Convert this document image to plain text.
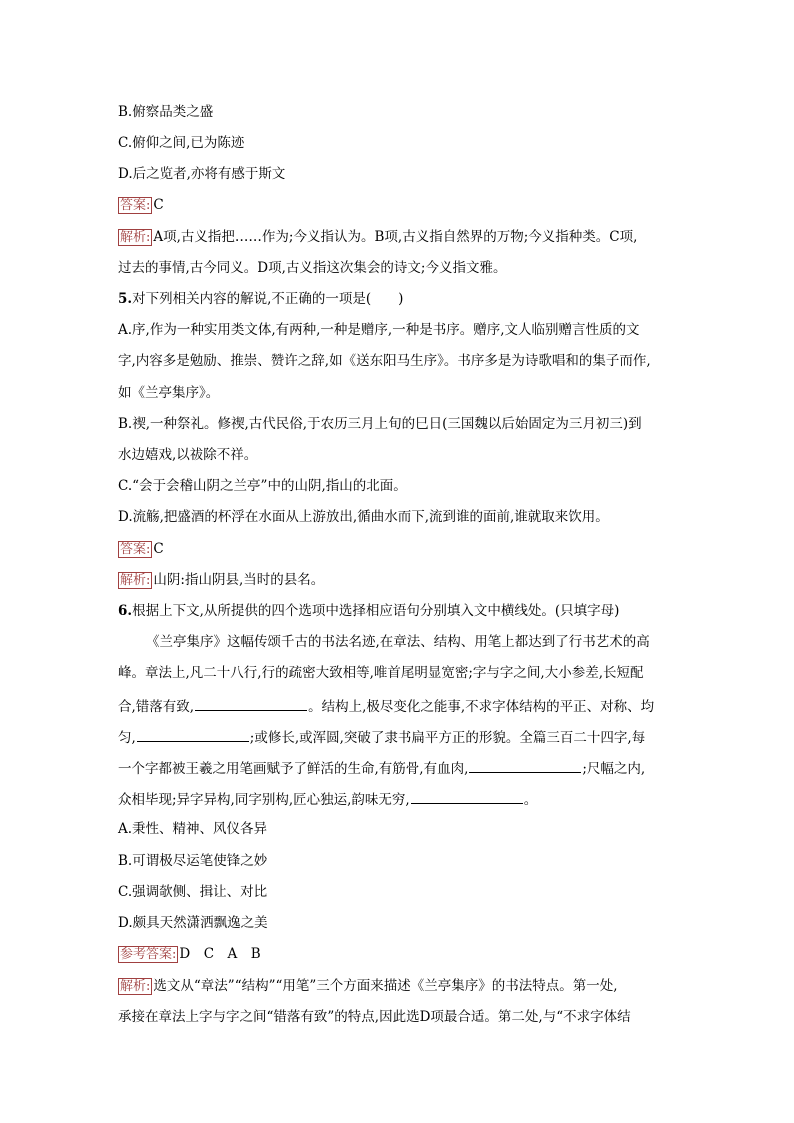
B.俯察品类之盛
C.俯仰之间,已为陈迹
D.后之览者,亦将有感于斯文
答案: C
解析: A项,古义指把……作为;今义指认为。B项,古义指自然界的万物;今义指种类。C项,
过去的事情,古今同义。D项,古义指这次集会的诗文;今义指文雅。
5.对下列相关内容的解说,不正确的一项是(　　)
A.序,作为一种实用类文体,有两种,一种是赠序,一种是书序。赠序,文人临别赠言性质的文
字,内容多是勉励、推崇、赞许之辞,如《送东阳马生序》。书序多是为诗歌唱和的集子而作,
如《兰亭集序》。
B.禊,一种祭礼。修禊,古代民俗,于农历三月上旬的巳日(三国魏以后始固定为三月初三)到
水边嬉戏,以祓除不祥。
C.“会于会稽山阴之兰亭”中的山阴,指山的北面。
D.流觞,把盛酒的杯浮在水面从上游放出,循曲水而下,流到谁的面前,谁就取来饮用。
答案: C
解析: 山阴:指山阴县,当时的县名。
6.根据上下文,从所提供的四个选项中选择相应语句分别填入文中横线处。(只填字母)
《兰亭集序》这幅传颂千古的书法名迹,在章法、结构、用笔上都达到了行书艺术的高
峰。章法上,凡二十八行,行的疏密大致相等,唯首尾明显宽密;字与字之间,大小参差,长短配
合,错落有致,	。结构上,极尽变化之能事,不求字体结构的平正、对称、均
匀,	;或修长,或浑圆,突破了隶书扁平方正的形貌。全篇三百二十四字,每
一个字都被王羲之用笔画赋予了鲜活的生命,有筋骨,有血肉,	;尺幅之内,
众相毕现;异字异构,同字别构,匠心独运,韵味无穷,	。
A.秉性、精神、风仪各异
B.可谓极尽运笔使锋之妙
C.强调欹侧、揖让、对比
D.颇具天然潇洒飘逸之美
参考答案: D　C　A　B
解析: 选文从“章法”“结构”“用笔”三个方面来描述《兰亭集序》的书法特点。第一处,
承接在章法上字与字之间“错落有致”的特点,因此选D项最合适。第二处,与“不求字体结
